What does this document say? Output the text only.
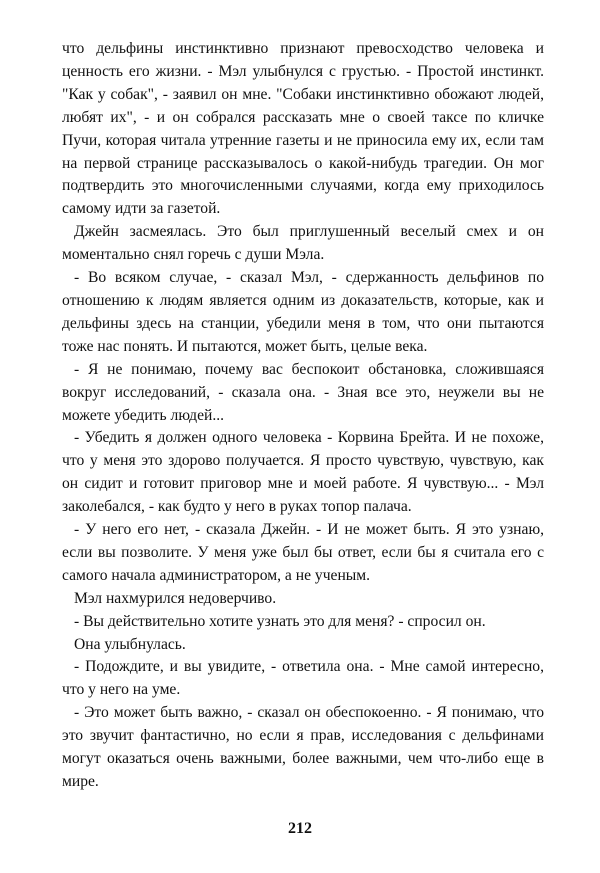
что дельфины инстинктивно признают превосходство человека и ценность его жизни. - Мэл улыбнулся с грустью. - Простой инстинкт. "Как у собак", - заявил он мне. "Собаки инстинктивно обожают людей, любят их", - и он собрался рассказать мне о своей таксе по кличке Пучи, которая читала утренние газеты и не приносила ему их, если там на первой странице рассказывалось о какой-нибудь трагедии. Он мог подтвердить это многочисленными случаями, когда ему приходилось самому идти за газетой.

Джейн засмеялась. Это был приглушенный веселый смех и он моментально снял горечь с души Мэла.

- Во всяком случае, - сказал Мэл, - сдержанность дельфинов по отношению к людям является одним из доказательств, которые, как и дельфины здесь на станции, убедили меня в том, что они пытаются тоже нас понять. И пытаются, может быть, целые века.

- Я не понимаю, почему вас беспокоит обстановка, сложившаяся вокруг исследований, - сказала она. - Зная все это, неужели вы не можете убедить людей...

- Убедить я должен одного человека - Корвина Брейта. И не похоже, что у меня это здорово получается. Я просто чувствую, чувствую, как он сидит и готовит приговор мне и моей работе. Я чувствую... - Мэл заколебался, - как будто у него в руках топор палача.

- У него его нет, - сказала Джейн. - И не может быть. Я это узнаю, если вы позволите. У меня уже был бы ответ, если бы я считала его с самого начала администратором, а не ученым.

Мэл нахмурился недоверчиво.

- Вы действительно хотите узнать это для меня? - спросил он.

Она улыбнулась.

- Подождите, и вы увидите, - ответила она. - Мне самой интересно, что у него на уме.

- Это может быть важно, - сказал он обеспокоенно. - Я понимаю, что это звучит фантастично, но если я прав, исследования с дельфинами могут оказаться очень важными, более важными, чем что-либо еще в мире.

212
